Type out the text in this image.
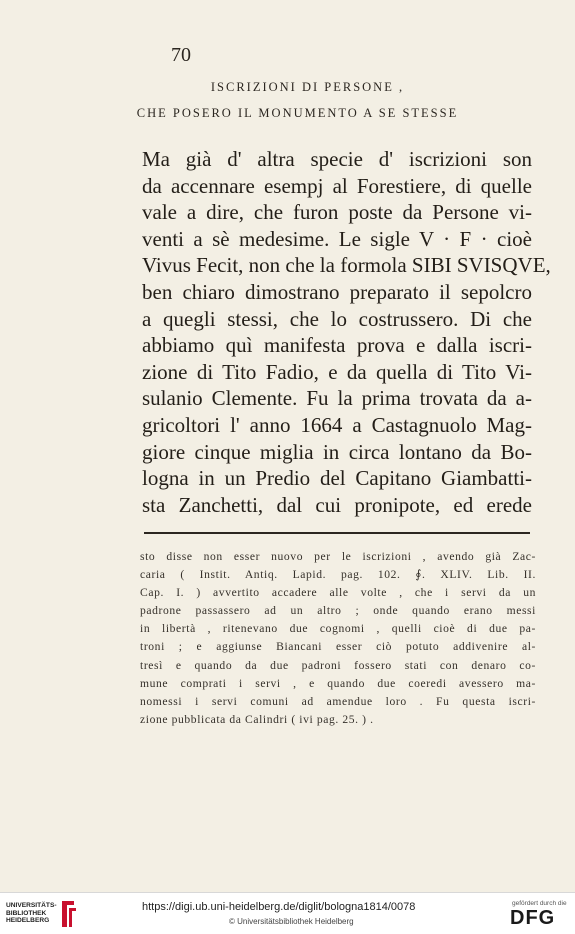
70
ISCRIZIONI DI PERSONE ,
CHE POSERO IL MONUMENTO A SE STESSE
Ma già d' altra specie d' iscrizioni son
da accennare esempj al Forestiere, di quelle
vale a dire, che furon poste da Persone vi-
venti a sè medesime. Le sigle V · F · cioè
Vivus Fecit, non che la formola SIBI SVISQVE,
ben chiaro dimostrano preparato il sepolcro
a quegli stessi, che lo costrussero. Di che
abbiamo quì manifesta prova e dalla iscri-
zione di Tito Fadio, e da quella di Tito Vi-
sulanio Clemente. Fu la prima trovata da a-
gricoltori l' anno 1664 a Castagnuolo Mag-
giore cinque miglia in circa lontano da Bo-
logna in un Predio del Capitano Giambatti-
sta Zanchetti, dal cui pronipote, ed erede
sto disse non esser nuovo per le iscrizioni , avendo già Zac-
caria ( Instit. Antiq. Lapid. pag. 102. ∮. XLIV. Lib. II.
Cap. I. ) avvertito accadere alle volte , che i servi da un
padrone passassero ad un altro ; onde quando erano messi
in libertà , ritenevano due cognomi , quelli cioè di due pa-
troni ; e aggiunse Biancani esser ciò potuto addivenire al-
tresì e quando da due padroni fossero stati con denaro co-
mune comprati i servi , e quando due coeredi avessero ma-
nomessi i servi comuni ad amendue loro . Fu questa iscri-
zione pubblicata da Calindri ( ivi pag. 25. ) .
UNIVERSITÄTS-
BIBLIOTHEK
HEIDELBERG
https://digi.ub.uni-heidelberg.de/diglit/bologna1814/0078
© Universitätsbibliothek Heidelberg
gefördert durch die
DFG
